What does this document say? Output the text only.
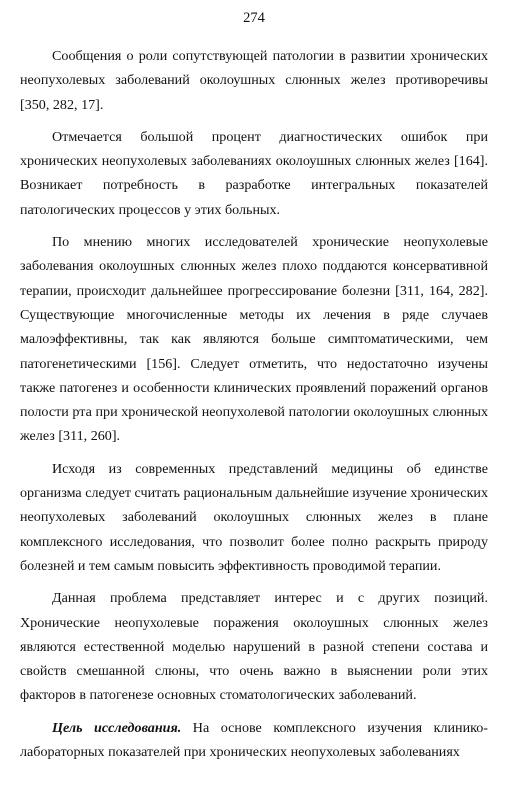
274

Сообщения о роли сопутствующей патологии в развитии хронических неопухолевых заболеваний околоушных слюнных желез противоречивы [350, 282, 17].

Отмечается большой процент диагностических ошибок при хронических неопухолевых заболеваниях околоушных слюнных желез [164]. Возникает потребность в разработке интегральных показателей патологических процессов у этих больных.

По мнению многих исследователей хронические неопухолевые заболевания околоушных слюнных желез плохо поддаются консервативной терапии, происходит дальнейшее прогрессирование болезни [311, 164, 282]. Существующие многочисленные методы их лечения в ряде случаев малоэффективны, так как являются больше симптоматическими, чем патогенетическими [156]. Следует отметить, что недостаточно изучены также патогенез и особенности клинических проявлений поражений органов полости рта при хронической неопухолевой патологии околоушных слюнных желез [311, 260].

Исходя из современных представлений медицины об единстве организма следует считать рациональным дальнейшие изучение хронических неопухолевых заболеваний околоушных слюнных желез в плане комплексного исследования, что позволит более полно раскрыть природу болезней и тем самым повысить эффективность проводимой терапии.

Данная проблема представляет интерес и с других позиций. Хронические неопухолевые поражения околоушных слюнных желез являются естественной моделью нарушений в разной степени состава и свойств смешанной слюны, что очень важно в выяснении роли этих факторов в патогенезе основных стоматологических заболеваний.

Цель исследования. На основе комплексного изучения клинико-лабораторных показателей при хронических неопухолевых заболеваниях
